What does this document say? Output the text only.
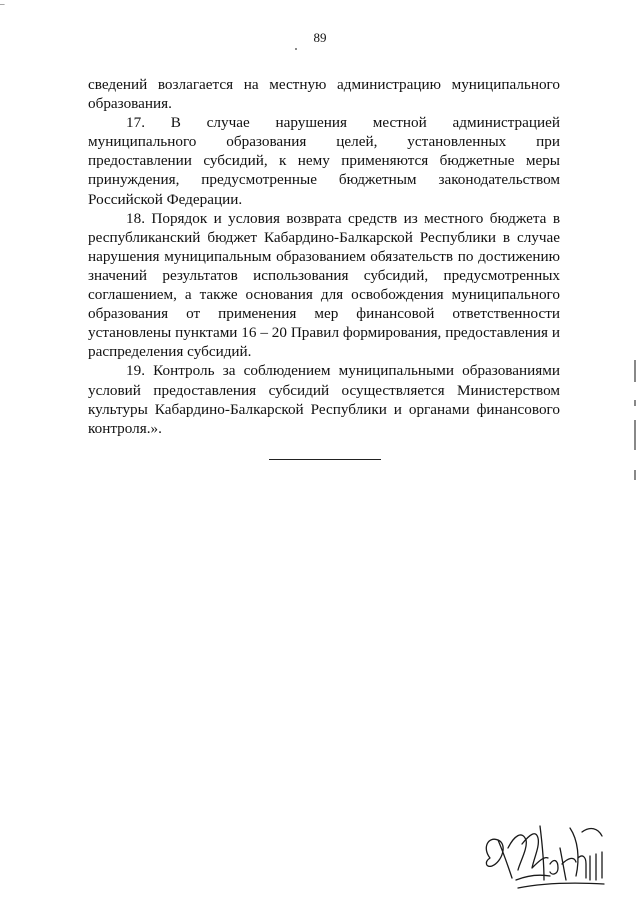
–
89

сведений возлагается на местную администрацию муниципального образования.

17. В случае нарушения местной администрацией муниципального образования целей, установленных при предоставлении субсидий, к нему применяются бюджетные меры принуждения, предусмотренные бюджетным законодательством Российской Федерации.

18. Порядок и условия возврата средств из местного бюджета в республиканский бюджет Кабардино-Балкарской Республики в случае нарушения муниципальным образованием обязательств по достижению значений результатов использования субсидий, предусмотренных соглашением, а также основания для освобождения муниципального образования от применения мер финансовой ответственности установлены пунктами 16 – 20 Правил формирования, предоставления и распределения субсидий.

19. Контроль за соблюдением муниципальными образованиями условий предоставления субсидий осуществляется Министерством культуры Кабардино-Балкарской Республики и органами финансового контроля.».
